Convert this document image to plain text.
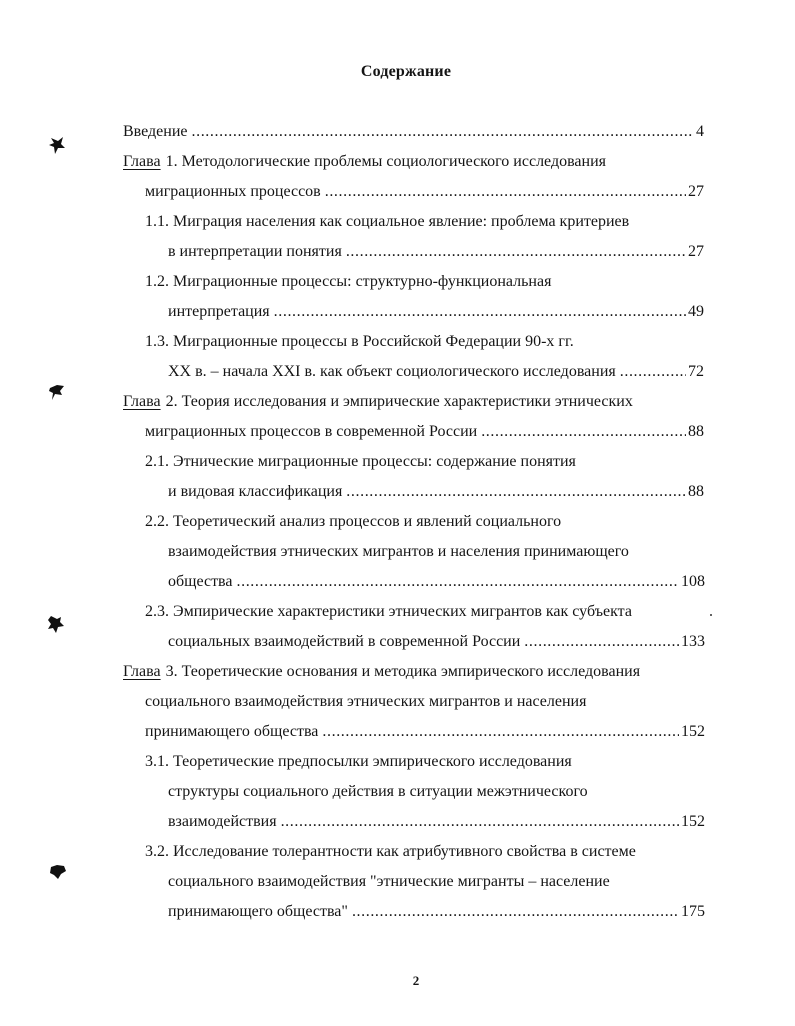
Содержание
Введение .....	4
Глава 1. Методологические проблемы социологического исследования
миграционных процессов .....	27
1.1. Миграция населения как социальное явление: проблема критериев
в интерпретации понятия .....	27
1.2. Миграционные процессы: структурно-функциональная
интерпретация .....	49
1.3. Миграционные процессы в Российской Федерации 90-х гг.
XX в. – начала XXI в. как объект социологического исследования .....	72
Глава 2. Теория исследования и эмпирические характеристики этнических
миграционных процессов в современной России .....	88
2.1. Этнические миграционные процессы: содержание понятия
и видовая классификация .....	88
2.2. Теоретический анализ процессов и явлений социального
взаимодействия этнических мигрантов и населения принимающего
общества .....	108
2.3. Эмпирические характеристики этнических мигрантов как субъекта
социальных взаимодействий в современной России .....	133
Глава 3. Теоретические основания и методика эмпирического исследования
социального взаимодействия этнических мигрантов и населения
принимающего общества .....	152
3.1. Теоретические предпосылки эмпирического исследования
структуры социального действия в ситуации межэтнического
взаимодействия .....	152
3.2. Исследование толерантности как атрибутивного свойства в системе
социального взаимодействия "этнические мигранты – население
принимающего общества" .....	175
2
